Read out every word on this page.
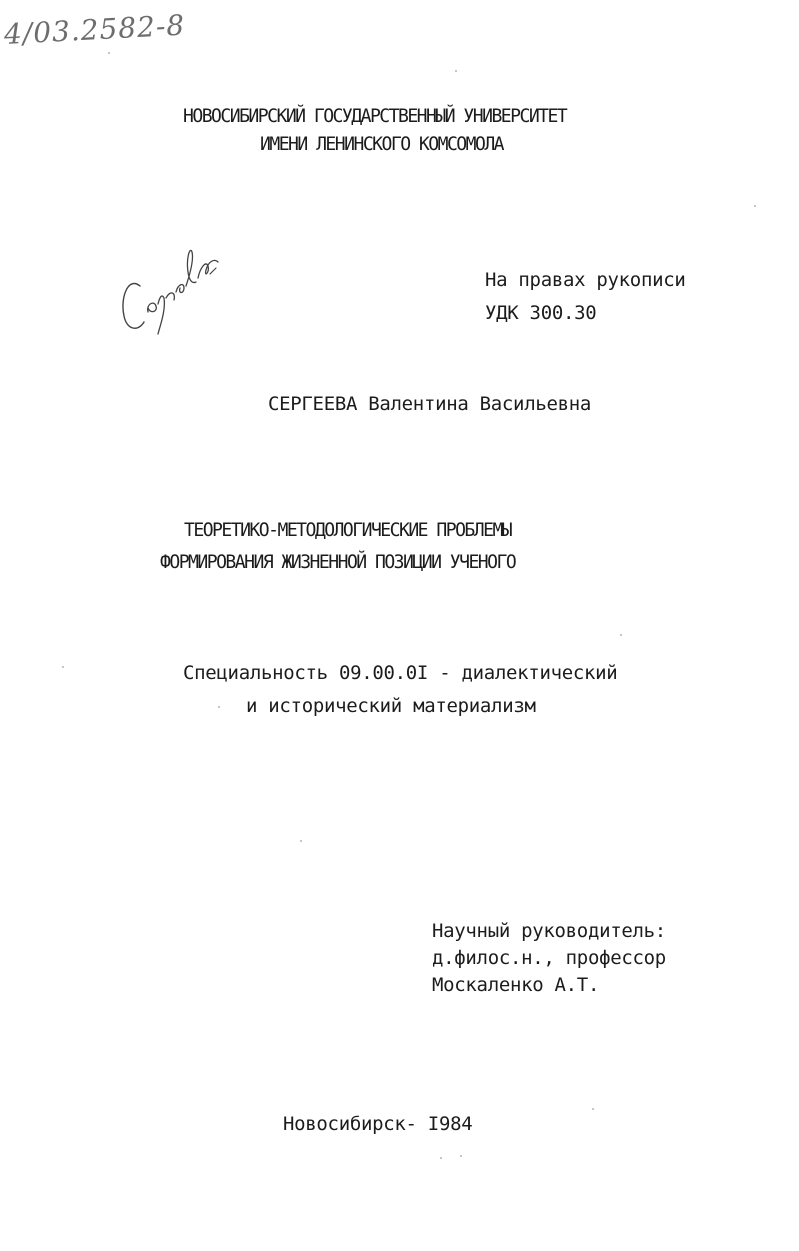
4/03.2582-8
НОВОСИБИРСКИЙ ГОСУДАРСТВЕННЫЙ УНИВЕРСИТЕТ
ИМЕНИ ЛЕНИНСКОГО КОМСОМОЛА
На правах рукописи
УДК 300.30
СЕРГЕЕВА Валентина Васильевна
ТЕОРЕТИКО-МЕТОДОЛОГИЧЕСКИЕ ПРОБЛЕМЫ
ФОРМИРОВАНИЯ ЖИЗНЕННОЙ ПОЗИЦИИ УЧЕНОГО
Специальность 09.00.0I - диалектический
и исторический материализм
Научный руководитель:
д.филос.н., профессор
Москаленко А.Т.
Новосибирск- I984
